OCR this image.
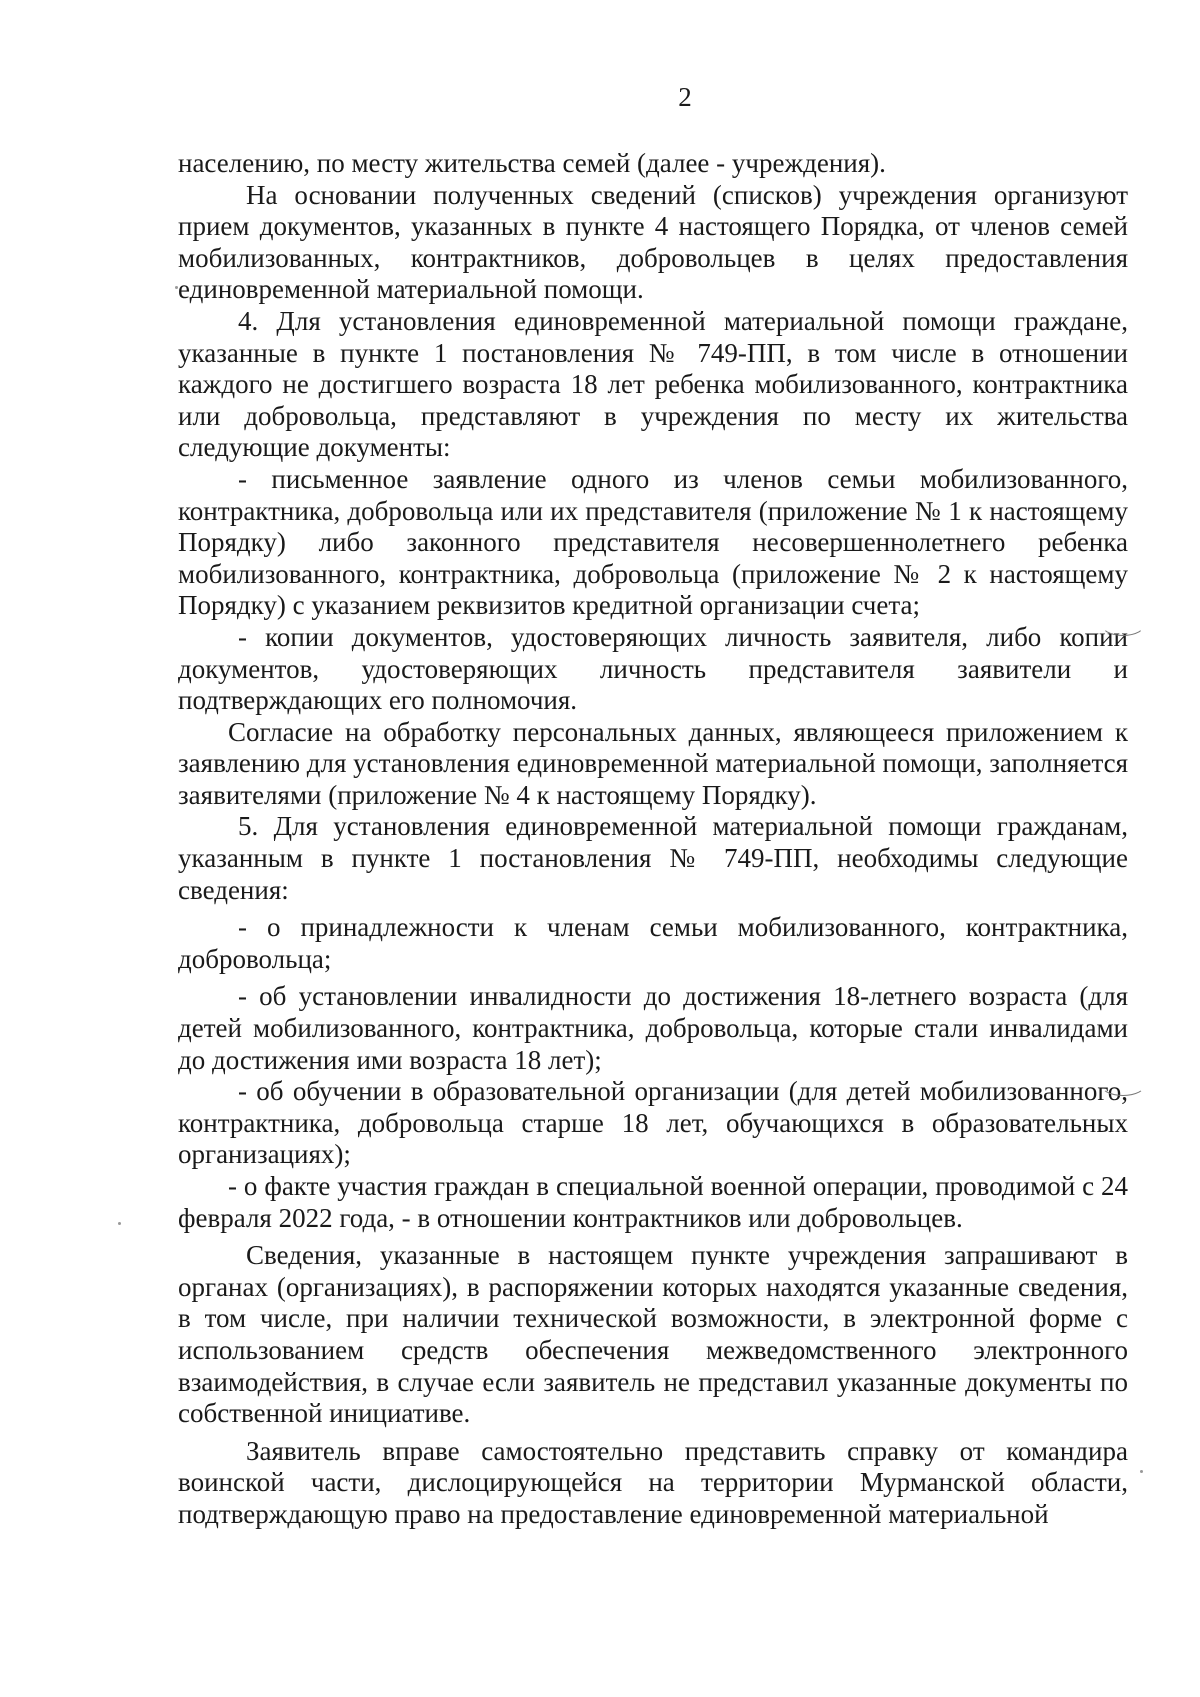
2

населению, по месту жительства семей (далее - учреждения).

На основании полученных сведений (списков) учреждения организуют прием документов, указанных в пункте 4 настоящего Порядка, от членов семей мобилизованных, контрактников, добровольцев в целях предоставления единовременной материальной помощи.

4. Для установления единовременной материальной помощи граждане, указанные в пункте 1 постановления № 749-ПП, в том числе в отношении каждого не достигшего возраста 18 лет ребенка мобилизованного, контрактника или добровольца, представляют в учреждения по месту их жительства следующие документы:

- письменное заявление одного из членов семьи мобилизованного, контрактника, добровольца или их представителя (приложение № 1 к настоящему Порядку) либо законного представителя несовершеннолетнего ребенка мобилизованного, контрактника, добровольца (приложение № 2 к настоящему Порядку) с указанием реквизитов кредитной организации счета;

- копии документов, удостоверяющих личность заявителя, либо копии документов, удостоверяющих личность представителя заявители и подтверждающих его полномочия.

Согласие на обработку персональных данных, являющееся приложением к заявлению для установления единовременной материальной помощи, заполняется заявителями (приложение № 4 к настоящему Порядку).

5. Для установления единовременной материальной помощи гражданам, указанным в пункте 1 постановления № 749-ПП, необходимы следующие сведения:

- о принадлежности к членам семьи мобилизованного, контрактника, добровольца;

- об установлении инвалидности до достижения 18-летнего возраста (для детей мобилизованного, контрактника, добровольца, которые стали инвалидами до достижения ими возраста 18 лет);

- об обучении в образовательной организации (для детей мобилизованного, контрактника, добровольца старше 18 лет, обучающихся в образовательных организациях);

- о факте участия граждан в специальной военной операции, проводимой с 24 февраля 2022 года, - в отношении контрактников или добровольцев.

Сведения, указанные в настоящем пункте учреждения запрашивают в органах (организациях), в распоряжении которых находятся указанные сведения, в том числе, при наличии технической возможности, в электронной форме с использованием средств обеспечения межведомственного электронного взаимодействия, в случае если заявитель не представил указанные документы по собственной инициативе.

Заявитель вправе самостоятельно представить справку от командира воинской части, дислоцирующейся на территории Мурманской области, подтверждающую право на предоставление единовременной материальной
